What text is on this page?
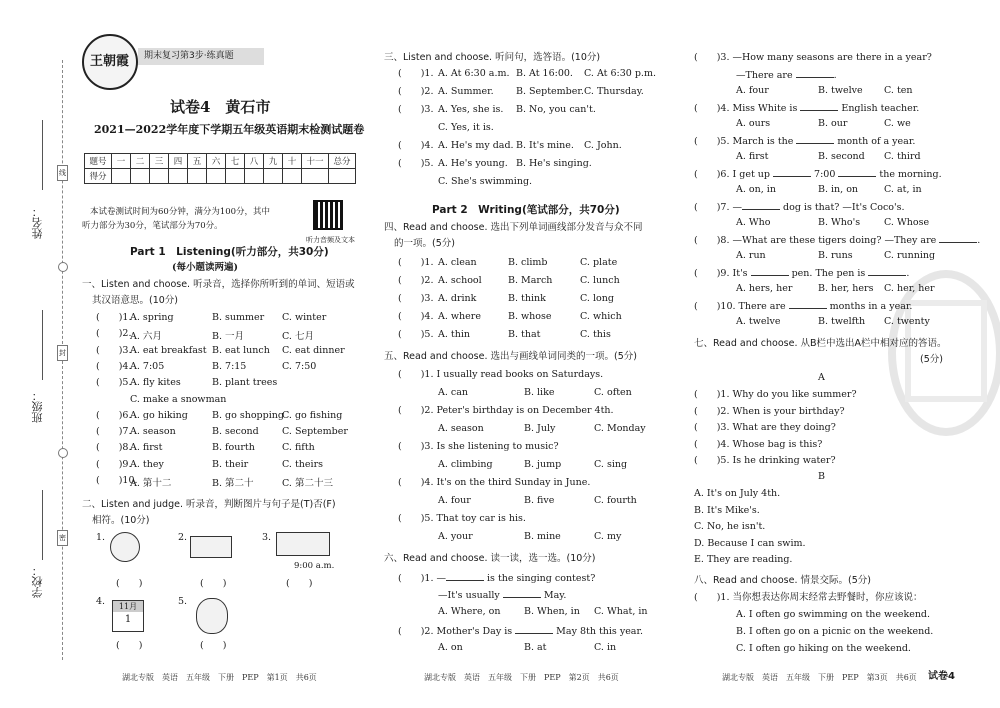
线
封
密
姓名：
班级：
学校：
王朝霞	期末复习第3步·练真题
试卷4　黄石市
2021—2022学年度下学期五年级英语期末检测试题卷
题号	一	二	三	四	五	六	七	八	九	十	十一	总分
得分												
本试卷测试时间为60分钟，满分为100分，其中
听力部分为30分，笔试部分为70分。
听力音频及文本
Part 1　Listening(听力部分，共30分)
(每小题读两遍)
一、Listen and choose. 听录音，选择你所听到的单词、短语或
其汉语意思。(10分)
(　　)1.
A. spring	B. summer C. winter
(　　)2.
A. 六月	B. 一月	C. 七月
(　　)3.
A. eat breakfast B. eat lunch C. eat dinner
(　　)4.
A. 7:05	B. 7:15	C. 7:50
(　　)5.
A. fly kites	B. plant trees
C. make a snowman
(　　)6.
A. go hiking	B. go shopping
C. go fishing
(　　)7.
A. season	B. second C. September
(　　)8.
A. first	B. fourth	C. fifth
(　　)9.
A. they	B. their	C. theirs
(　　)10.
A. 第十二	B. 第二十	C. 第二十三
二、Listen and judge. 听录音，判断图片与句子是(T)否(F)
相符。(10分)
1.	2.	3.
9:00 a.m.
(　　)	(　　)	(　　)
4.	11月
1
5.
(　　)	(　　)
湖北专版　英语　五年级　下册　PEP　第1页　共6页
三、Listen and choose. 听问句，选答语。(10分)
(　　)1. A. At 6:30 a.m. B. At 16:00. C. At 6:30 p.m.
(　　)2. A. Summer. B. September. C. Thursday.
(　　)3. A. Yes, she is. B. No, you can't.
C. Yes, it is.
(　　)4. A. He's my dad. B. It's mine. C. John.
(　　)5. A. He's young. B. He's singing.
C. She's swimming.
Part 2　Writing(笔试部分，共70分)
四、Read and choose. 选出下列单词画线部分发音与众不同
的一项。(5分)
(　　)1. A. clean	B. climb	C. plate
(　　)2. A. school	B. March	C. lunch
(　　)3. A. drink	B. think	C. long
(　　)4. A. where	B. whose	C. which
(　　)5. A. thin	B. that	C. this
五、Read and choose. 选出与画线单词同类的一项。(5分)
(　　)1. I usually read books on Saturdays.
A. can	B. like	C. often
(　　)2. Peter's birthday is on December 4th.
A. season	B. July	C. Monday
(　　)3. Is she listening to music?
A. climbing	B. jump	C. sing
(　　)4. It's on the third Sunday in June.
A. four	B. five	C. fourth
(　　)5. That toy car is his.
A. your	B. mine	C. my
六、Read and choose. 读一读，选一选。(10分)
(　　)1. —	is the singing contest?
—It's usually	May.
A. Where, on B. When, in C. What, in
(　　)2. Mother's Day is	May 8th this year.
A. on	B. at	C. in
湖北专版　英语　五年级　下册　PEP　第2页　共6页
(　　)3. —How many seasons are there in a year?
—There are	.
A. four	B. twelve C. ten
(　　)4. Miss White is	English teacher.
A. ours	B. our	C. we
(　　)5. March is the	month of a year.
A. first	B. second C. third
(　　)6. I get up	7:00	the morning.
A. on, in	B. in, on	C. at, in
(　　)7. —	dog is that? —It's Coco's.
A. Who	B. Who's	C. Whose
(　　)8. —What are these tigers doing? —They are	.
A. run	B. runs	C. running
(　　)9. It's	pen. The pen is	.
A. hers, her	B. her, hers C. her, her
(　　)10. There are	months in a year.
A. twelve	B. twelfth C. twenty
七、Read and choose. 从B栏中选出A栏中相对应的答语。
(5分)
A
(　　)1. Why do you like summer?
(　　)2. When is your birthday?
(　　)3. What are they doing?
(　　)4. Whose bag is this?
(　　)5. Is he drinking water?
B
A. It's on July 4th.
B. It's Mike's.
C. No, he isn't.
D. Because I can swim.
E. They are reading.
八、Read and choose. 情景交际。(5分)
(　　)1. 当你想表达你周末经常去野餐时，你应该说：
A. I often go swimming on the weekend.
B. I often go on a picnic on the weekend.
C. I often go hiking on the weekend.
湖北专版　英语　五年级　下册　PEP　第3页　共6页 试卷4
